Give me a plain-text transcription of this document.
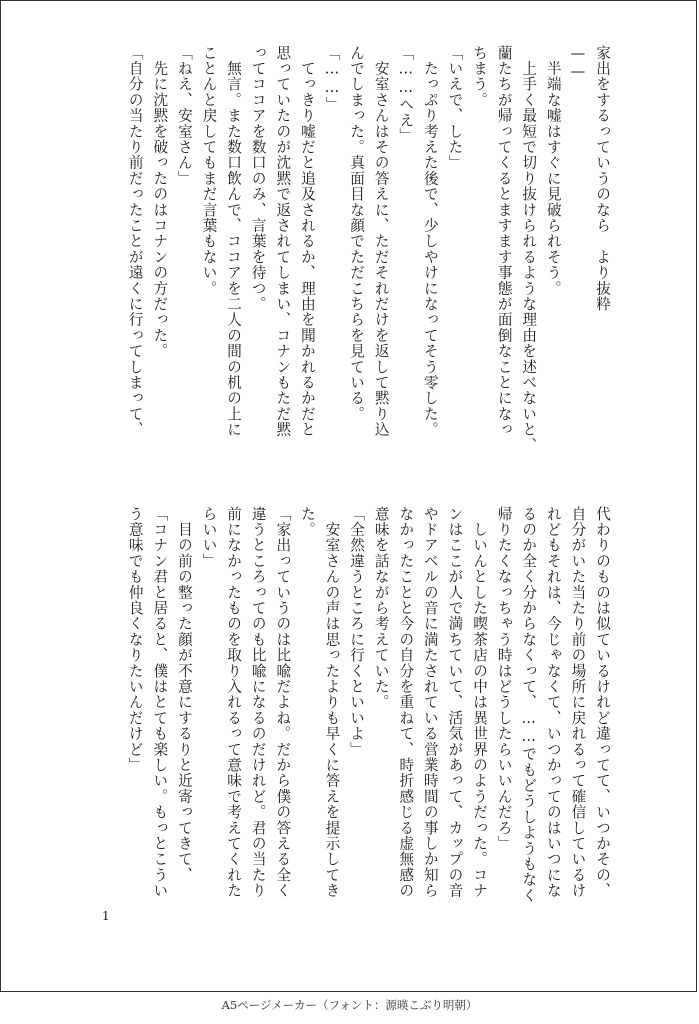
家出をするっていうのなら　より抜粋
——
　半端な嘘はすぐに見破られそう。
　上手く最短で切り抜けられるような理由を述べないと、
蘭たちが帰ってくるとますます事態が面倒なことになっ
ちまう。
「いえで、した」
　たっぷり考えた後で、少しやけになってそう零した。
「……へえ」
　安室さんはその答えに、ただそれだけを返して黙り込
んでしまった。真面目な顔でただこちらを見ている。
「……」
　てっきり嘘だと追及されるか、理由を聞かれるかだと
思っていたのが沈黙で返されてしまい、コナンもただ黙
ってココアを数口のみ、言葉を待つ。
　無言。また数口飲んで、ココアを二人の間の机の上に
ことんと戻してもまだ言葉もない。
「ねえ、安室さん」
　先に沈黙を破ったのはコナンの方だった。
「自分の当たり前だったことが遠くに行ってしまって、
代わりのものは似ているけれど違ってて、いつかその、
自分がいた当たり前の場所に戻れるって確信しているけ
れどもそれは、今じゃなくて、いつかってのはいつにな
るのか全く分からなくって、……でもどうしようもなく
帰りたくなっちゃう時はどうしたらいいんだろ」
　しいんとした喫茶店の中は異世界のようだった。コナ
ンはここが人で満ちていて、活気があって、カップの音
やドアベルの音に満たされている営業時間の事しか知ら
なかったことと今の自分を重ねて、時折感じる虚無感の
意味を話ながら考えていた。
「全然違うところに行くといいよ」
　安室さんの声は思ったよりも早くに答えを提示してき
た。
「家出っていうのは比喩だよね。だから僕の答える全く
違うところってのも比喩になるのだけれど。君の当たり
前になかったものを取り入れるって意味で考えてくれた
らいい」
　目の前の整った顔が不意にするりと近寄ってきて、
「コナン君と居ると、僕はとても楽しい。もっとこうい
う意味でも仲良くなりたいんだけど」
1
A5ページメーカー（フォント：源暎こぶり明朝）
